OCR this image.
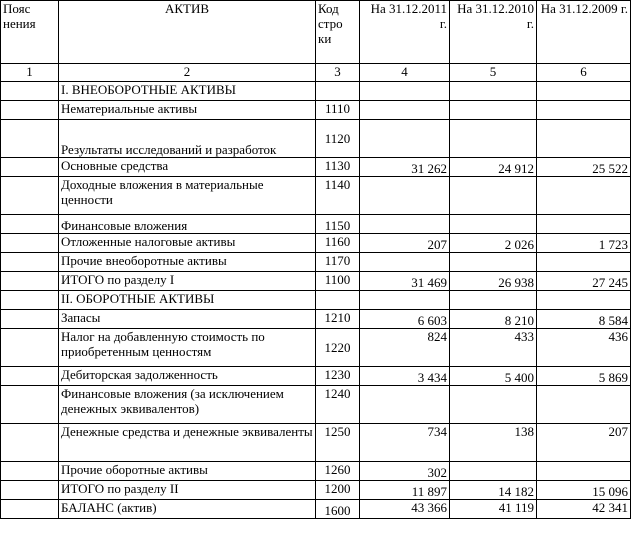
Пояс нения	АКТИВ	Код стро ки	На 31.12.2011 г.	На 31.12.2010 г.	На 31.12.2009 г.
1	2	3	4	5	6
	I. ВНЕОБОРОТНЫЕ АКТИВЫ				
	Нематериальные активы	1110			
	Результаты исследований и разработок	1120			
	Основные средства	1130	31 262	24 912	25 522
	Доходные вложения в материальные ценности	1140			
	Финансовые вложения	1150			
	Отложенные налоговые активы	1160	207	2 026	1 723
	Прочие внеоборотные активы	1170			
	ИТОГО по разделу I	1100	31 469	26 938	27 245
	II. ОБОРОТНЫЕ АКТИВЫ				
	Запасы	1210	6 603	8 210	8 584
	Налог на добавленную стоимость по приобретенным ценностям	1220	824	433	436
	Дебиторская задолженность	1230	3 434	5 400	5 869
	Финансовые вложения (за исключением денежных эквивалентов)	1240			
	Денежные средства и денежные эквиваленты	1250	734	138	207
	Прочие оборотные активы	1260	302		
	ИТОГО по разделу II	1200	11 897	14 182	15 096
	БАЛАНС (актив)	1600	43 366	41 119	42 341
